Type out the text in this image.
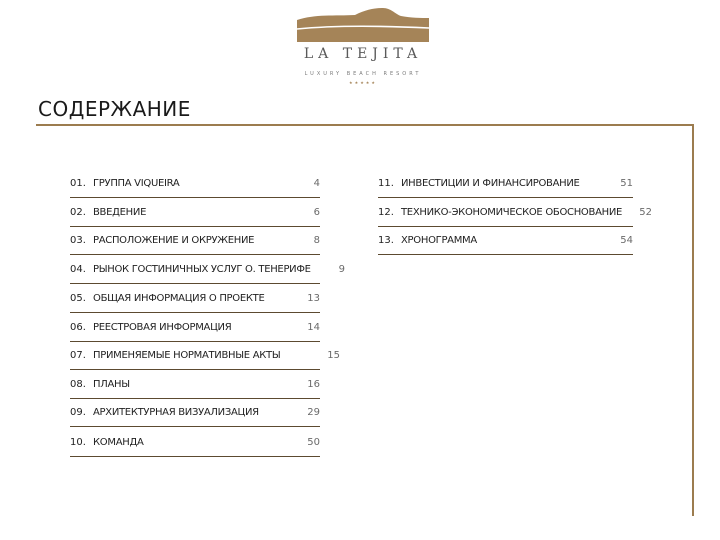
LA TEJITA
LUXURY BEACH RESORT
★★★★★
СОДЕРЖАНИЕ
01. ГРУППА VIQUEIRA	4
02. ВВЕДЕНИЕ	6
03. РАСПОЛОЖЕНИЕ И ОКРУЖЕНИЕ	8
04. РЫНОК ГОСТИНИЧНЫХ УСЛУГ О. ТЕНЕРИФЕ	9
05. ОБЩАЯ ИНФОРМАЦИЯ О ПРОЕКТЕ	13
06. РЕЕСТРОВАЯ ИНФОРМАЦИЯ	14
07. ПРИМЕНЯЕМЫЕ НОРМАТИВНЫЕ АКТЫ	15
08. ПЛАНЫ	16
09. АРХИТЕКТУРНАЯ ВИЗУАЛИЗАЦИЯ	29
10. КОМАНДА	50
11. ИНВЕСТИЦИИ И ФИНАНСИРОВАНИЕ	51
12. ТЕХНИКО-ЭКОНОМИЧЕСКОЕ ОБОСНОВАНИЕ	52
13. ХРОНОГРАММА	54
